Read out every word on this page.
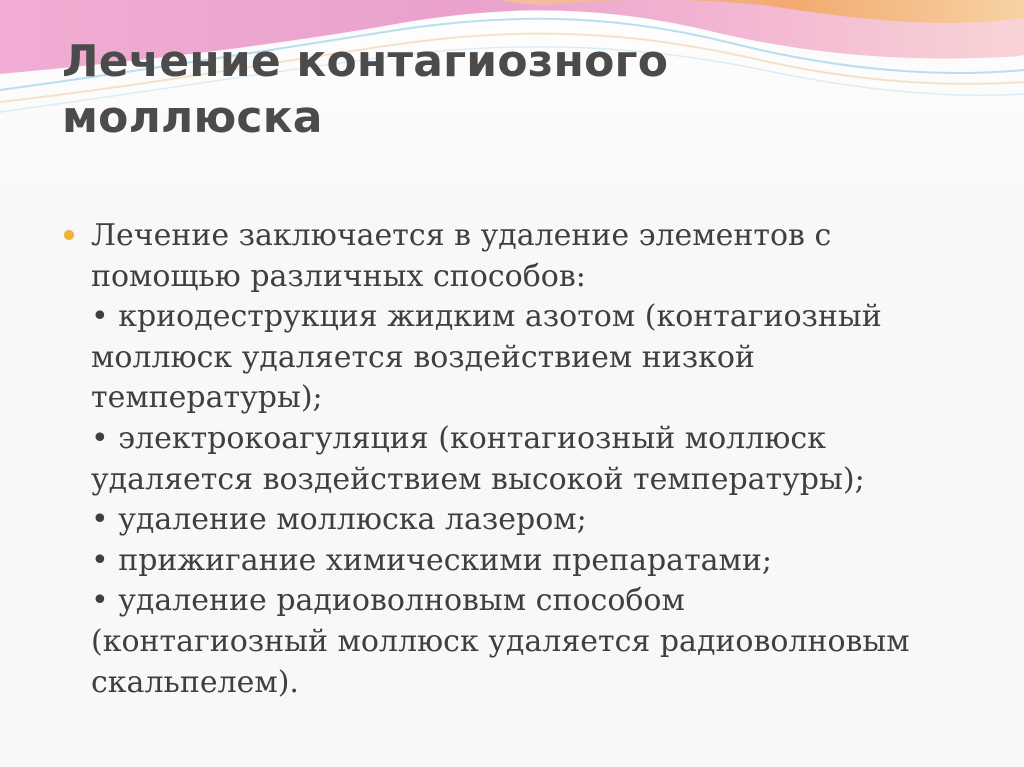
Лечение контагиозного
моллюска
Лечение заключается в удаление элементов с
помощью различных способов:
• криодеструкция жидким азотом (контагиозный
моллюск удаляется воздействием низкой
температуры);
• электрокоагуляция (контагиозный моллюск
удаляется воздействием высокой температуры);
• удаление моллюска лазером;
• прижигание химическими препаратами;
• удаление радиоволновым способом
(контагиозный моллюск удаляется радиоволновым
скальпелем).
